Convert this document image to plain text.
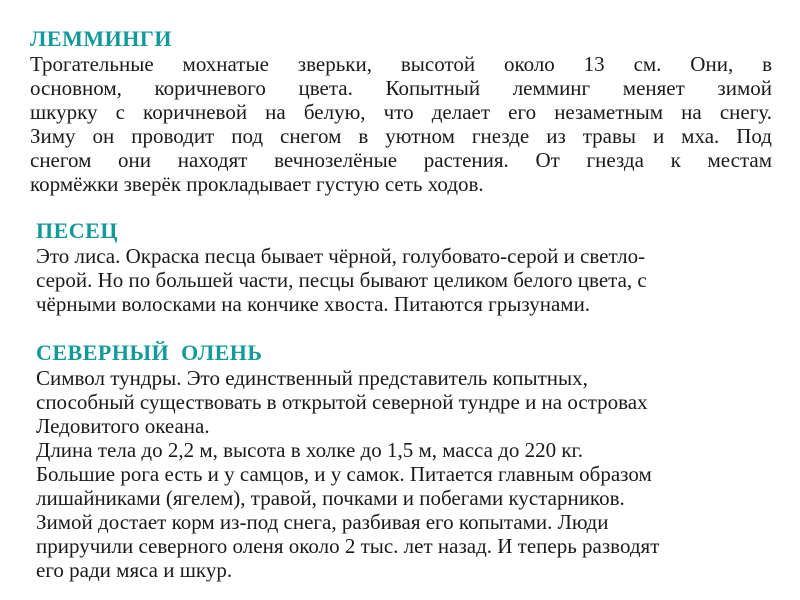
ЛЕММИНГИ
Трогательные мохнатые зверьки, высотой около 13 см. Они, в
основном, коричневого цвета. Копытный лемминг меняет зимой
шкурку с коричневой на белую, что делает его незаметным на снегу.
Зиму он проводит под снегом в уютном гнезде из травы и мха. Под
снегом они находят вечнозелёные растения. От гнезда к местам
кормёжки зверёк прокладывает густую сеть ходов.
ПЕСЕЦ
Это лиса. Окраска песца бывает чёрной, голубовато-серой и светло-
серой. Но по большей части, песцы бывают целиком белого цвета, с
чёрными волосками на кончике хвоста. Питаются грызунами.
СЕВЕРНЫЙ  ОЛЕНЬ
Символ тундры. Это единственный представитель копытных,
способный существовать в открытой северной тундре и на островах
Ледовитого океана.
Длина тела до 2,2 м, высота в холке до 1,5 м, масса до 220 кг.
Большие рога есть и у самцов, и у самок. Питается главным образом
лишайниками (ягелем), травой, почками и побегами кустарников.
Зимой достает корм из-под снега, разбивая его копытами. Люди
приручили северного оленя около 2 тыс. лет назад. И теперь разводят
его ради мяса и шкур.
